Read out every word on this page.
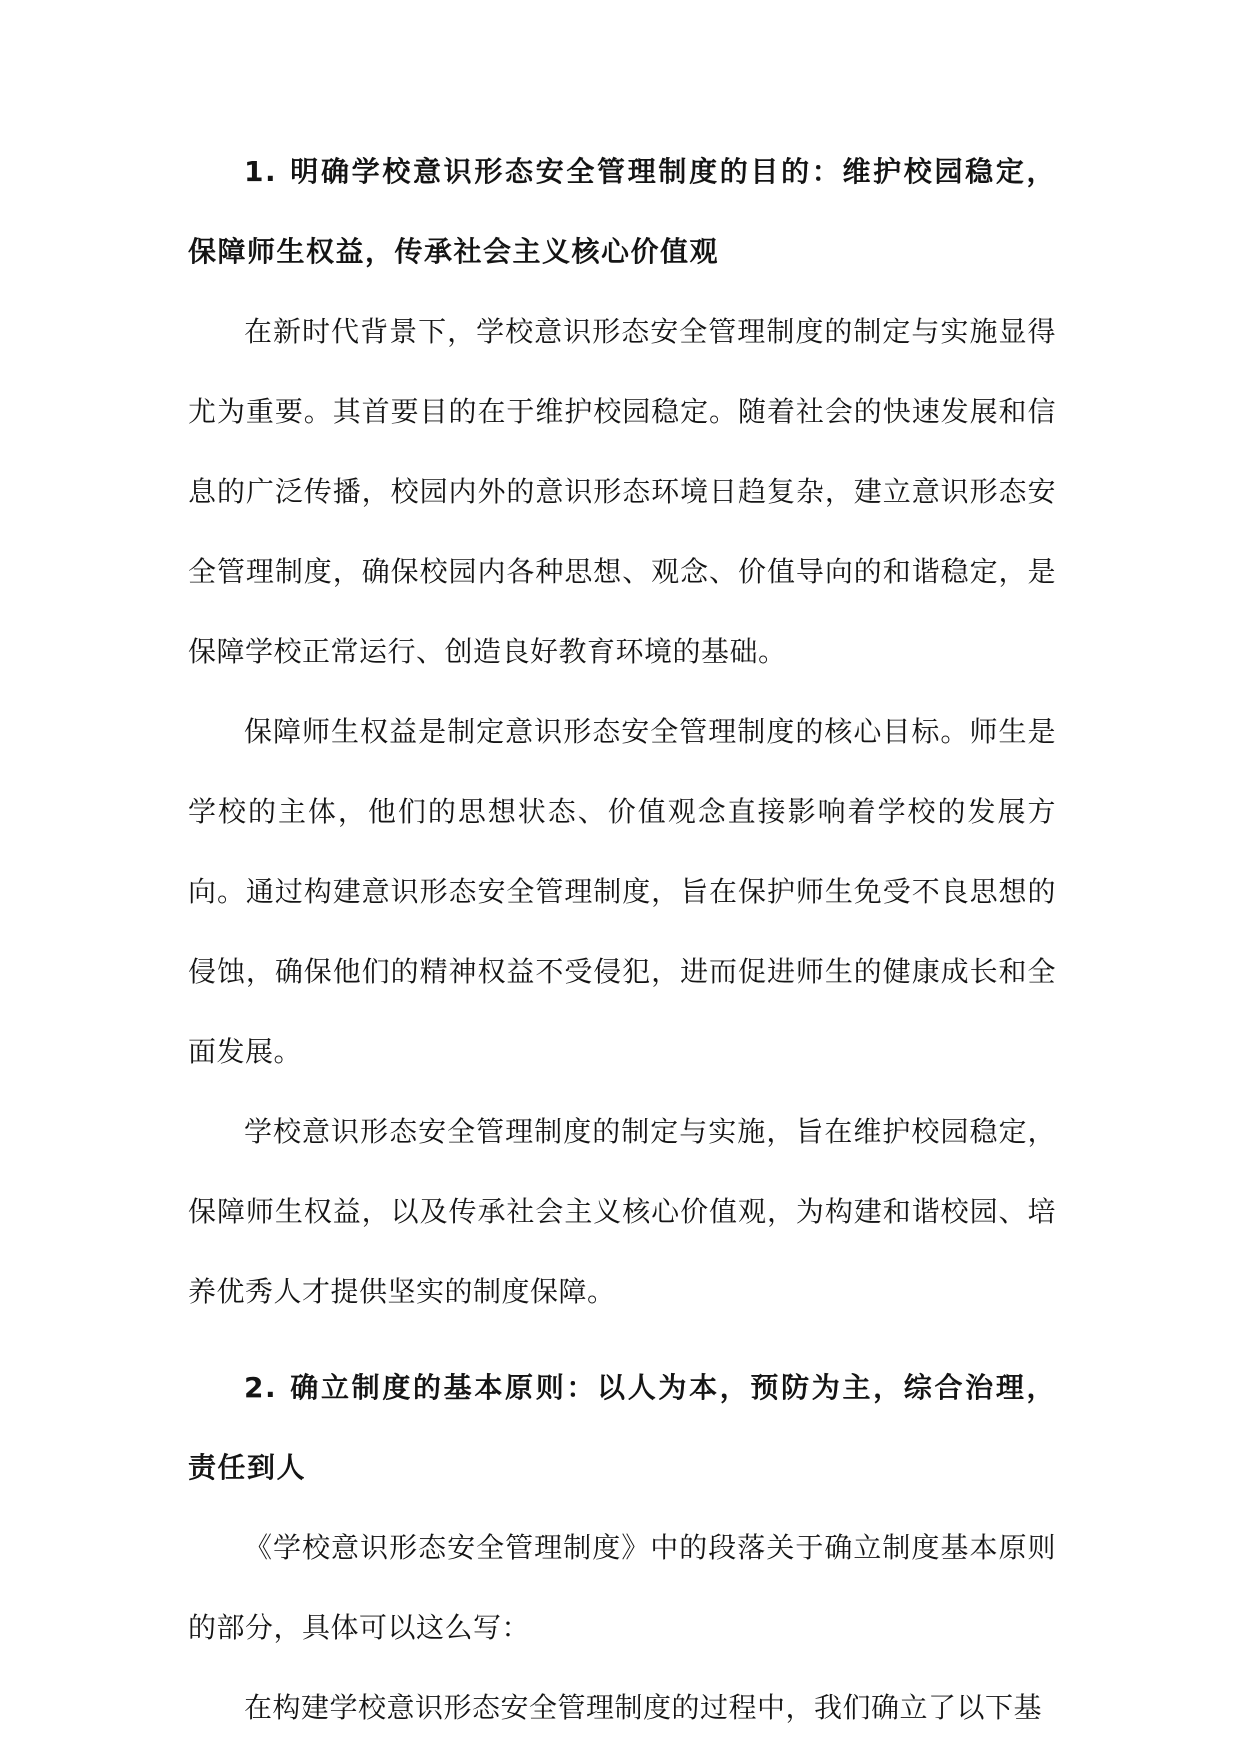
1. 明确学校意识形态安全管理制度的目的：维护校园稳定，保障师生权益，传承社会主义核心价值观

在新时代背景下，学校意识形态安全管理制度的制定与实施显得尤为重要。其首要目的在于维护校园稳定。随着社会的快速发展和信息的广泛传播，校园内外的意识形态环境日趋复杂，建立意识形态安全管理制度，确保校园内各种思想、观念、价值导向的和谐稳定，是保障学校正常运行、创造良好教育环境的基础。

保障师生权益是制定意识形态安全管理制度的核心目标。师生是学校的主体，他们的思想状态、价值观念直接影响着学校的发展方向。通过构建意识形态安全管理制度，旨在保护师生免受不良思想的侵蚀，确保他们的精神权益不受侵犯，进而促进师生的健康成长和全面发展。

学校意识形态安全管理制度的制定与实施，旨在维护校园稳定，保障师生权益，以及传承社会主义核心价值观，为构建和谐校园、培养优秀人才提供坚实的制度保障。

2. 确立制度的基本原则：以人为本，预防为主，综合治理，责任到人

《学校意识形态安全管理制度》中的段落关于确立制度基本原则的部分，具体可以这么写：

在构建学校意识形态安全管理制度的过程中，我们确立了以下基
